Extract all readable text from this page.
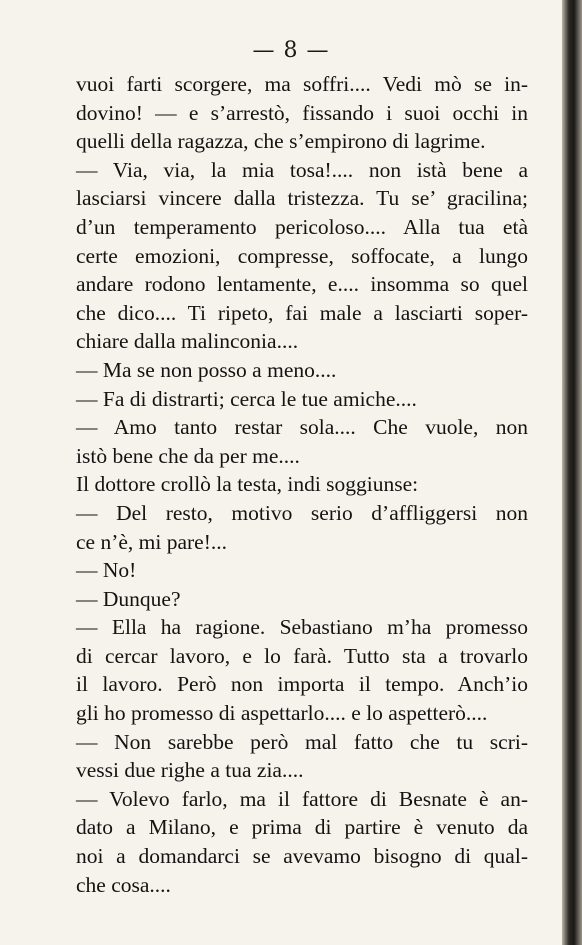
— 8 —
vuoi farti scorgere, ma soffri.... Vedi mò se in-
dovino! — e s’arrestò, fissando i suoi occhi in
quelli della ragazza, che s’empirono di lagrime.
— Via, via, la mia tosa!.... non istà bene a
lasciarsi vincere dalla tristezza. Tu se’ gracilina;
d’un temperamento pericoloso.... Alla tua età
certe emozioni, compresse, soffocate, a lungo
andare rodono lentamente, e.... insomma so quel
che dico.... Ti ripeto, fai male a lasciarti soper-
chiare dalla malinconia....
— Ma se non posso a meno....
— Fa di distrarti; cerca le tue amiche....
— Amo tanto restar sola.... Che vuole, non
istò bene che da per me....
Il dottore crollò la testa, indi soggiunse:
— Del resto, motivo serio d’affliggersi non
ce n’è, mi pare!...
— No!
— Dunque?
— Ella ha ragione. Sebastiano m’ha promesso
di cercar lavoro, e lo farà. Tutto sta a trovarlo
il lavoro. Però non importa il tempo. Anch’io
gli ho promesso di aspettarlo.... e lo aspetterò....
— Non sarebbe però mal fatto che tu scri-
vessi due righe a tua zia....
— Volevo farlo, ma il fattore di Besnate è an-
dato a Milano, e prima di partire è venuto da
noi a domandarci se avevamo bisogno di qual-
che cosa....
